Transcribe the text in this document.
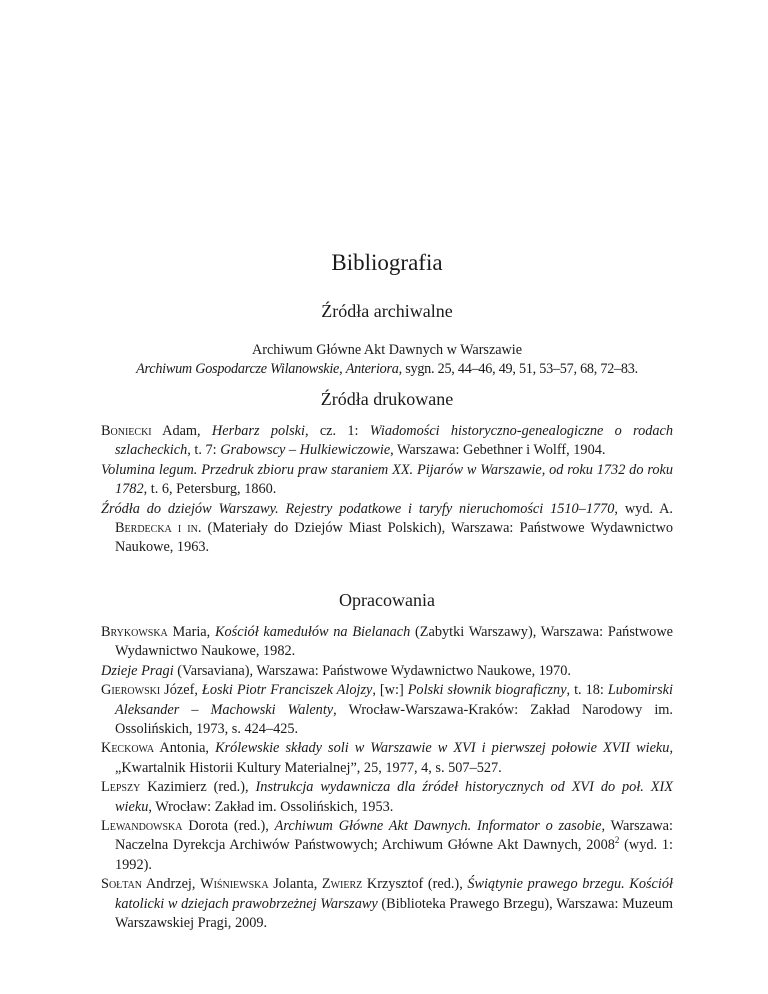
Bibliografia
Źródła archiwalne
Archiwum Główne Akt Dawnych w Warszawie
Archiwum Gospodarcze Wilanowskie, Anteriora, sygn. 25, 44–46, 49, 51, 53–57, 68, 72–83.
Źródła drukowane
Boniecki Adam, Herbarz polski, cz. 1: Wiadomości historyczno-genealogiczne o rodach szlacheckich, t. 7: Grabowscy – Hulkiewiczowie, Warszawa: Gebethner i Wolff, 1904.
Volumina legum. Przedruk zbioru praw staraniem XX. Pijarów w Warszawie, od roku 1732 do roku 1782, t. 6, Petersburg, 1860.
Źródła do dziejów Warszawy. Rejestry podatkowe i taryfy nieruchomości 1510–1770, wyd. A. Berdecka i in. (Materiały do Dziejów Miast Polskich), Warszawa: Państwowe Wydawnictwo Naukowe, 1963.
Opracowania
Brykowska Maria, Kościół kamedułów na Bielanach (Zabytki Warszawy), Warszawa: Państwowe Wydawnictwo Naukowe, 1982.
Dzieje Pragi (Varsaviana), Warszawa: Państwowe Wydawnictwo Naukowe, 1970.
Gierowski Józef, Łoski Piotr Franciszek Alojzy, [w:] Polski słownik biograficzny, t. 18: Lubomirski Aleksander – Machowski Walenty, Wrocław-Warszawa-Kraków: Zakład Narodowy im. Ossolińskich, 1973, s. 424–425.
Keckowa Antonia, Królewskie składy soli w Warszawie w XVI i pierwszej połowie XVII wieku, „Kwartalnik Historii Kultury Materialnej”, 25, 1977, 4, s. 507–527.
Lepszy Kazimierz (red.), Instrukcja wydawnicza dla źródeł historycznych od XVI do poł. XIX wieku, Wrocław: Zakład im. Ossolińskich, 1953.
Lewandowska Dorota (red.), Archiwum Główne Akt Dawnych. Informator o zasobie, Warszawa: Naczelna Dyrekcja Archiwów Państwowych; Archiwum Główne Akt Dawnych, 2008$^2$ (wyd. 1: 1992).
Sołtan Andrzej, Wiśniewska Jolanta, Zwierz Krzysztof (red.), Świątynie prawego brzegu. Kościół katolicki w dziejach prawobrzeżnej Warszawy (Biblioteka Prawego Brzegu), Warszawa: Muzeum Warszawskiej Pragi, 2009.
